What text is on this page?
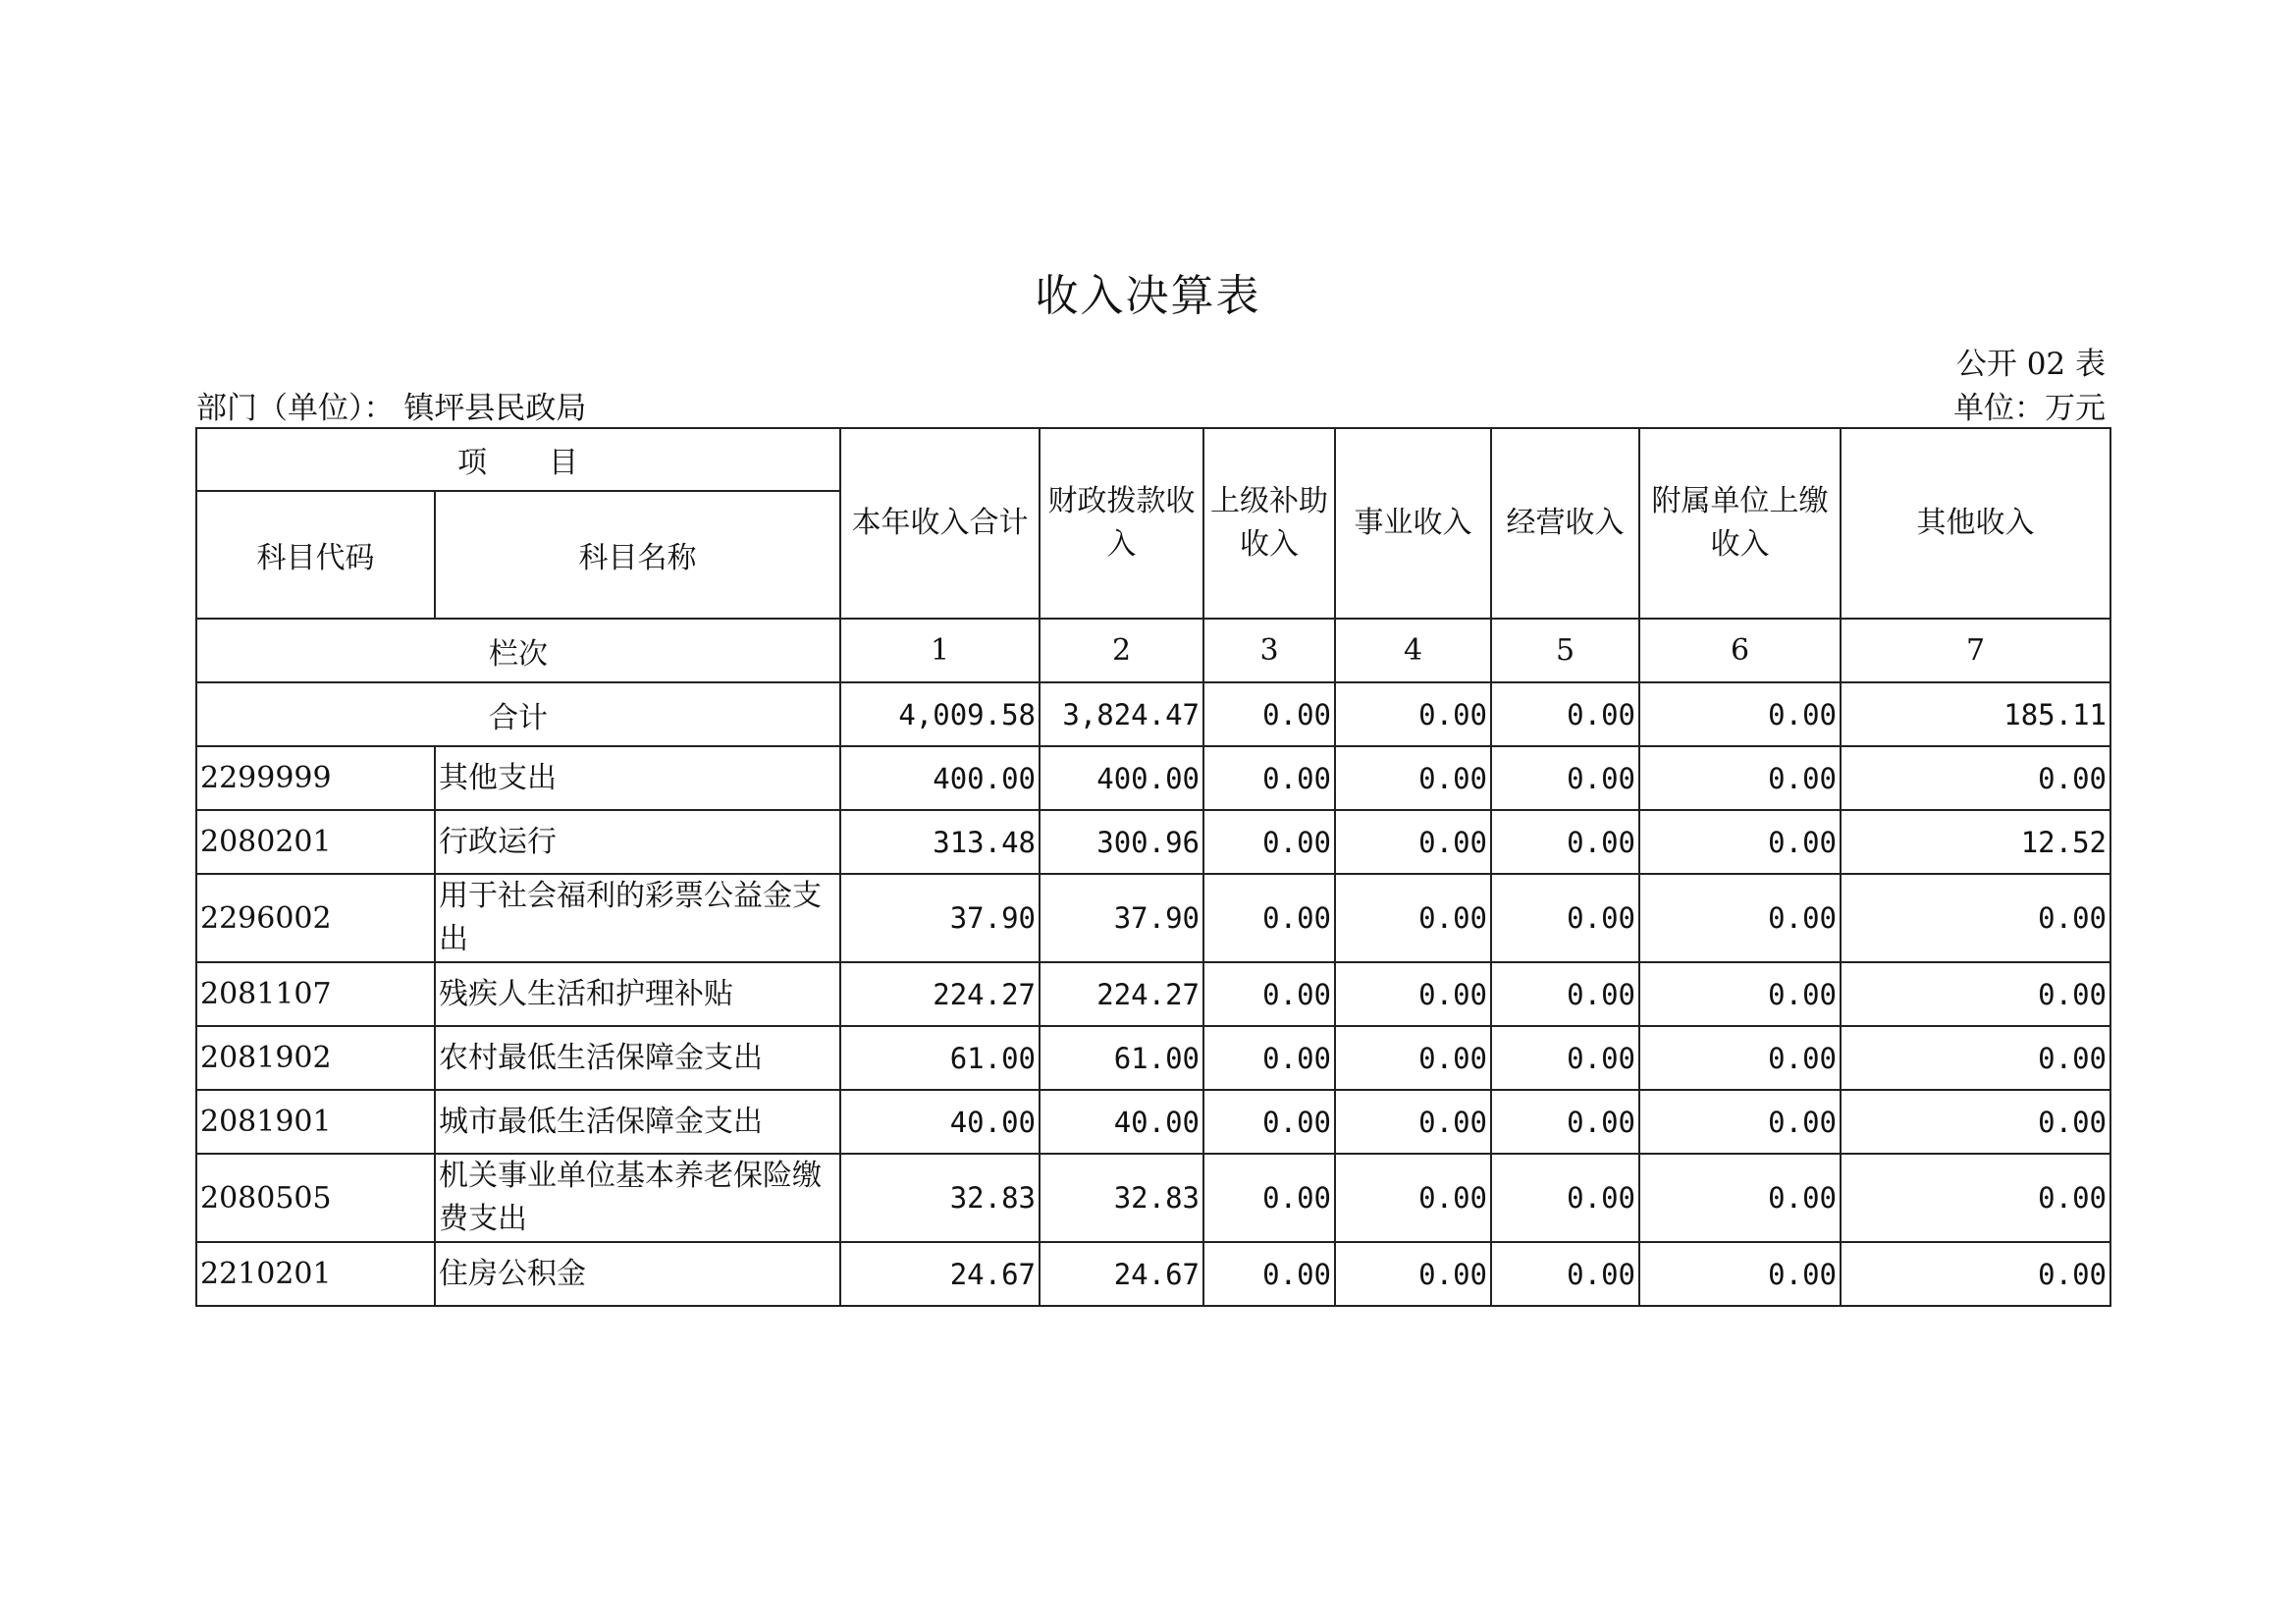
收入决算表
公开 02 表
部门（单位）： 镇坪县民政局	单位：万元
项　　目		本年收入合计	财政拨款收入	上级补助收入	事业收入	经营收入	附属单位上缴收入	其他收入
科目代码	科目名称							
栏次		1	2	3	4	5	6	7
合计		4,009.58	3,824.47	0.00	0.00	0.00	0.00	185.11
2299999	其他支出	400.00	400.00	0.00	0.00	0.00	0.00	0.00
2080201	行政运行	313.48	300.96	0.00	0.00	0.00	0.00	12.52
2296002	用于社会福利的彩票公益金支出	37.90	37.90	0.00	0.00	0.00	0.00	0.00
2081107	残疾人生活和护理补贴	224.27	224.27	0.00	0.00	0.00	0.00	0.00
2081902	农村最低生活保障金支出	61.00	61.00	0.00	0.00	0.00	0.00	0.00
2081901	城市最低生活保障金支出	40.00	40.00	0.00	0.00	0.00	0.00	0.00
2080505	机关事业单位基本养老保险缴费支出	32.83	32.83	0.00	0.00	0.00	0.00	0.00
2210201	住房公积金	24.67	24.67	0.00	0.00	0.00	0.00	0.00
